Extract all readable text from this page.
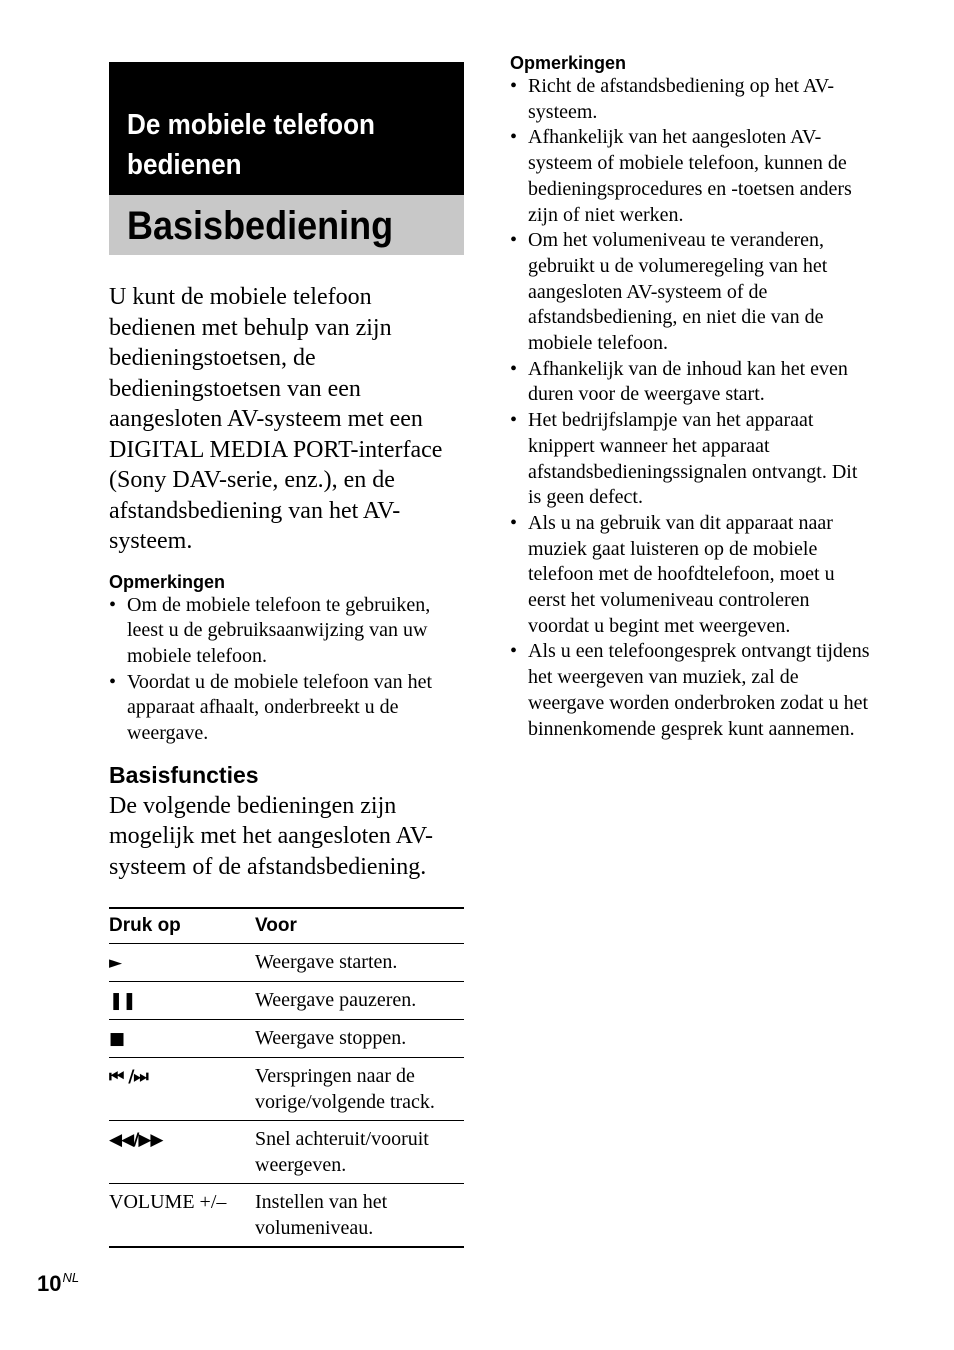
De mobiele telefoon
bedienen
Basisbediening

U kunt de mobiele telefoon bedienen met behulp van zijn bedieningstoetsen, de bedieningstoetsen van een aangesloten AV-systeem met een DIGITAL MEDIA PORT-interface (Sony DAV-serie, enz.), en de afstandsbediening van het AV-systeem.

Opmerkingen
• Om de mobiele telefoon te gebruiken, leest u de gebruiksaanwijzing van uw mobiele telefoon.
• Voordat u de mobiele telefoon van het apparaat afhaalt, onderbreekt u de weergave.
Basisfuncties
De volgende bedieningen zijn mogelijk met het aangesloten AV-systeem of de afstandsbediening.
Druk op	Voor
►	Weergave starten.
❚❚	Weergave pauzeren.
■	Weergave stoppen.
⏮ /⏭	Verspringen naar de vorige/volgende track.
◀◀/▶▶	Snel achteruit/vooruit weergeven.
VOLUME +/–	Instellen van het volumeniveau.
Opmerkingen
• Richt de afstandsbediening op het AV-systeem.
• Afhankelijk van het aangesloten AV-systeem of mobiele telefoon, kunnen de bedieningsprocedures en -toetsen anders zijn of niet werken.
• Om het volumeniveau te veranderen, gebruikt u de volumeregeling van het aangesloten AV-systeem of de afstandsbediening, en niet die van de mobiele telefoon.
• Afhankelijk van de inhoud kan het even duren voor de weergave start.
• Het bedrijfslampje van het apparaat knippert wanneer het apparaat afstandsbedieningssignalen ontvangt. Dit is geen defect.
• Als u na gebruik van dit apparaat naar muziek gaat luisteren op de mobiele telefoon met de hoofdtelefoon, moet u eerst het volumeniveau controleren voordat u begint met weergeven.
• Als u een telefoongesprek ontvangt tijdens het weergeven van muziek, zal de weergave worden onderbroken zodat u het binnenkomende gesprek kunt aannemen.
$10^{NL}$
